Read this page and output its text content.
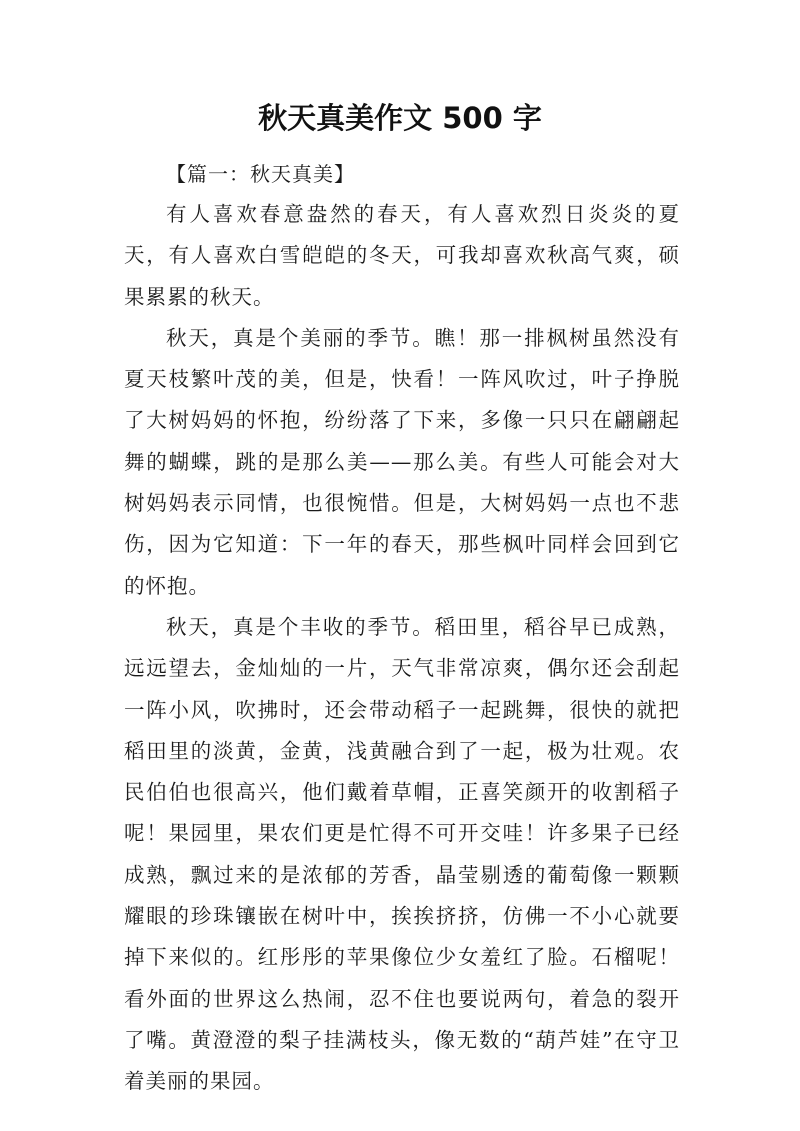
秋天真美作文 500 字

【篇一：秋天真美】

有人喜欢春意盎然的春天，有人喜欢烈日炎炎的夏天，有人喜欢白雪皑皑的冬天，可我却喜欢秋高气爽，硕果累累的秋天。

秋天，真是个美丽的季节。瞧！那一排枫树虽然没有夏天枝繁叶茂的美，但是，快看！一阵风吹过，叶子挣脱了大树妈妈的怀抱，纷纷落了下来，多像一只只在翩翩起舞的蝴蝶，跳的是那么美——那么美。有些人可能会对大树妈妈表示同情，也很惋惜。但是，大树妈妈一点也不悲伤，因为它知道：下一年的春天，那些枫叶同样会回到它的怀抱。

秋天，真是个丰收的季节。稻田里，稻谷早已成熟，远远望去，金灿灿的一片，天气非常凉爽，偶尔还会刮起一阵小风，吹拂时，还会带动稻子一起跳舞，很快的就把稻田里的淡黄，金黄，浅黄融合到了一起，极为壮观。农民伯伯也很高兴，他们戴着草帽，正喜笑颜开的收割稻子呢！果园里，果农们更是忙得不可开交哇！许多果子已经成熟，飘过来的是浓郁的芳香，晶莹剔透的葡萄像一颗颗耀眼的珍珠镶嵌在树叶中，挨挨挤挤，仿佛一不小心就要掉下来似的。红彤彤的苹果像位少女羞红了脸。石榴呢！看外面的世界这么热闹，忍不住也要说两句，着急的裂开了嘴。黄澄澄的梨子挂满枝头，像无数的“葫芦娃”在守卫着美丽的果园。
